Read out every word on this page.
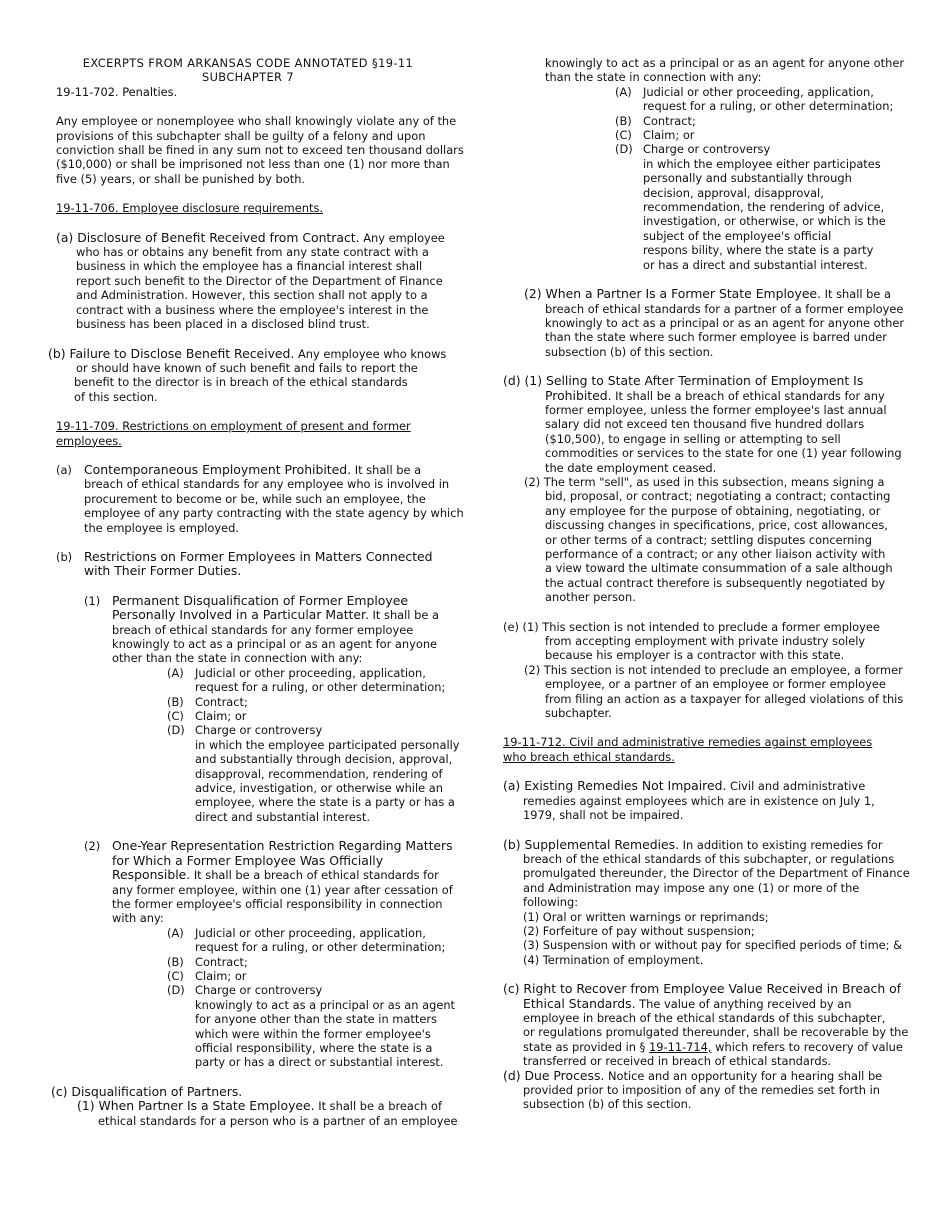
EXCERPTS FROM ARKANSAS CODE ANNOTATED §19-11
SUBCHAPTER 7
19-11-702. Penalties.
Any employee or nonemployee who shall knowingly violate any of the
provisions of this subchapter shall be guilty of a felony and upon
conviction shall be fined in any sum not to exceed ten thousand dollars
($10,000) or shall be imprisoned not less than one (1) nor more than
five (5) years, or shall be punished by both.
19-11-706. Employee disclosure requirements.
(a) Disclosure of Benefit Received from Contract. Any employee
who has or obtains any benefit from any state contract with a
business in which the employee has a financial interest shall
report such benefit to the Director of the Department of Finance
and Administration. However, this section shall not apply to a
contract with a business where the employee's interest in the
business has been placed in a disclosed blind trust.
(b) Failure to Disclose Benefit Received. Any employee who knows
or should have known of such benefit and fails to report the
benefit to the director is in breach of the ethical standards
of this section.
19-11-709. Restrictions on employment of present and former
employees.
(a) Contemporaneous Employment Prohibited. It shall be a
breach of ethical standards for any employee who is involved in
procurement to become or be, while such an employee, the
employee of any party contracting with the state agency by which
the employee is employed.
(b) Restrictions on Former Employees in Matters Connected
with Their Former Duties.
(1) Permanent Disqualification of Former Employee
Personally Involved in a Particular Matter. It shall be a
breach of ethical standards for any former employee
knowingly to act as a principal or as an agent for anyone
other than the state in connection with any:
(A) Judicial or other proceeding, application,
request for a ruling, or other determination;
(B) Contract;
(C) Claim; or
(D) Charge or controversy
in which the employee participated personally
and substantially through decision, approval,
disapproval, recommendation, rendering of
advice, investigation, or otherwise while an
employee, where the state is a party or has a
direct and substantial interest.
(2) One-Year Representation Restriction Regarding Matters
for Which a Former Employee Was Officially
Responsible. It shall be a breach of ethical standards for
any former employee, within one (1) year after cessation of
the former employee's official responsibility in connection
with any:
(A) Judicial or other proceeding, application,
request for a ruling, or other determination;
(B) Contract;
(C) Claim; or
(D) Charge or controversy
knowingly to act as a principal or as an agent
for anyone other than the state in matters
which were within the former employee's
official responsibility, where the state is a
party or has a direct or substantial interest.
(c) Disqualification of Partners.
(1) When Partner Is a State Employee. It shall be a breach of
ethical standards for a person who is a partner of an employee
knowingly to act as a principal or as an agent for anyone other
than the state in connection with any:
(A) Judicial or other proceeding, application,
request for a ruling, or other determination;
(B) Contract;
(C) Claim; or
(D) Charge or controversy
in which the employee either participates
personally and substantially through
decision, approval, disapproval,
recommendation, the rendering of advice,
investigation, or otherwise, or which is the
subject of the employee's official
respons bility, where the state is a party
or has a direct and substantial interest.
(2) When a Partner Is a Former State Employee. It shall be a
breach of ethical standards for a partner of a former employee
knowingly to act as a principal or as an agent for anyone other
than the state where such former employee is barred under
subsection (b) of this section.
(d) (1) Selling to State After Termination of Employment Is
Prohibited. It shall be a breach of ethical standards for any
former employee, unless the former employee's last annual
salary did not exceed ten thousand five hundred dollars
($10,500), to engage in selling or attempting to sell
commodities or services to the state for one (1) year following
the date employment ceased.
(2) The term "sell", as used in this subsection, means signing a
bid, proposal, or contract; negotiating a contract; contacting
any employee for the purpose of obtaining, negotiating, or
discussing changes in specifications, price, cost allowances,
or other terms of a contract; settling disputes concerning
performance of a contract; or any other liaison activity with
a view toward the ultimate consummation of a sale although
the actual contract therefore is subsequently negotiated by
another person.
(e) (1) This section is not intended to preclude a former employee
from accepting employment with private industry solely
because his employer is a contractor with this state.
(2) This section is not intended to preclude an employee, a former
employee, or a partner of an employee or former employee
from filing an action as a taxpayer for alleged violations of this
subchapter.
19-11-712. Civil and administrative remedies against employees
who breach ethical standards.
(a) Existing Remedies Not Impaired. Civil and administrative
remedies against employees which are in existence on July 1,
1979, shall not be impaired.
(b) Supplemental Remedies. In addition to existing remedies for
breach of the ethical standards of this subchapter, or regulations
promulgated thereunder, the Director of the Department of Finance
and Administration may impose any one (1) or more of the
following:
(1) Oral or written warnings or reprimands;
(2) Forfeiture of pay without suspension;
(3) Suspension with or without pay for specified periods of time; &
(4) Termination of employment.
(c) Right to Recover from Employee Value Received in Breach of
Ethical Standards. The value of anything received by an
employee in breach of the ethical standards of this subchapter,
or regulations promulgated thereunder, shall be recoverable by the
state as provided in § 19-11-714, which refers to recovery of value
transferred or received in breach of ethical standards.
(d) Due Process. Notice and an opportunity for a hearing shall be
provided prior to imposition of any of the remedies set forth in
subsection (b) of this section.
